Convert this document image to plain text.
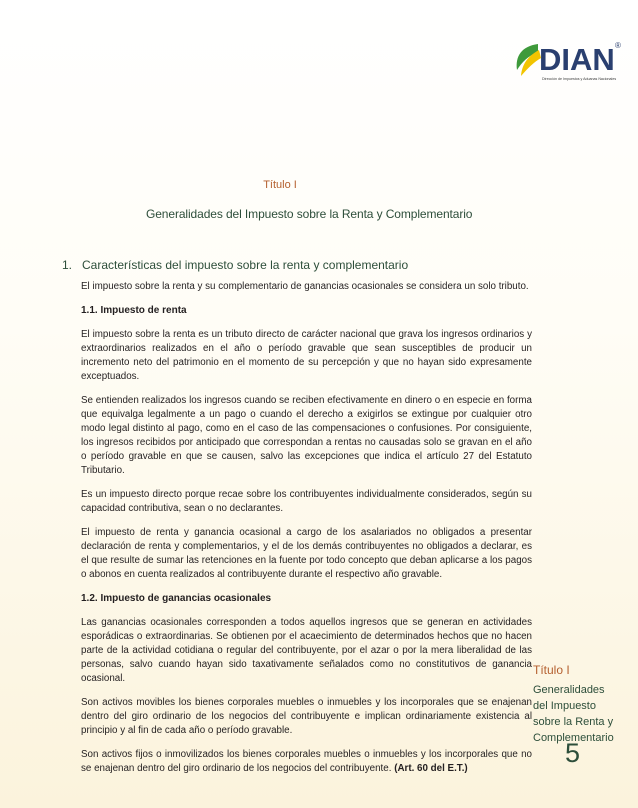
DIAN ®
Dirección de Impuestos y Aduanas Nacionales
Título I
Generalidades del Impuesto sobre la Renta y Complementario
1. Características del impuesto sobre la renta y complementario

El impuesto sobre la renta y su complementario de ganancias ocasionales se considera un solo tributo.

1.1. Impuesto de renta

El impuesto sobre la renta es un tributo directo de carácter nacional que grava los ingresos ordinarios y extraordinarios realizados en el año o período gravable que sean susceptibles de producir un incremento neto del patrimonio en el momento de su percepción y que no hayan sido expresamente exceptuados.

Se entienden realizados los ingresos cuando se reciben efectivamente en dinero o en especie en forma que equivalga legalmente a un pago o cuando el derecho a exigirlos se extingue por cualquier otro modo legal distinto al pago, como en el caso de las compensaciones o confusiones. Por consiguiente, los ingresos recibidos por anticipado que correspondan a rentas no causadas solo se gravan en el año o período gravable en que se causen, salvo las excepciones que indica el artículo 27 del Estatuto Tributario.

Es un impuesto directo porque recae sobre los contribuyentes individualmente considerados, según su capacidad contributiva, sean o no declarantes.

El impuesto de renta y ganancia ocasional a cargo de los asalariados no obligados a presentar declaración de renta y complementarios, y el de los demás contribuyentes no obligados a declarar, es el que resulte de sumar las retenciones en la fuente por todo concepto que deban aplicarse a los pagos o abonos en cuenta realizados al contribuyente durante el respectivo año gravable.

1.2. Impuesto de ganancias ocasionales

Las ganancias ocasionales corresponden a todos aquellos ingresos que se generan en actividades esporádicas o extraordinarias. Se obtienen por el acaecimiento de determinados hechos que no hacen parte de la actividad cotidiana o regular del contribuyente, por el azar o por la mera liberalidad de las personas, salvo cuando hayan sido taxativamente señalados como no constitutivos de ganancia ocasional.

Son activos movibles los bienes corporales muebles o inmuebles y los incorporales que se enajenan dentro del giro ordinario de los negocios del contribuyente e implican ordinariamente existencia al principio y al fin de cada año o período gravable.

Son activos fijos o inmovilizados los bienes corporales muebles o inmuebles y los incorporales que no se enajenan dentro del giro ordinario de los negocios del contribuyente. (Art. 60 del E.T.)

Título I
Generalidades
del Impuesto
sobre la Renta y
Complementario
5
